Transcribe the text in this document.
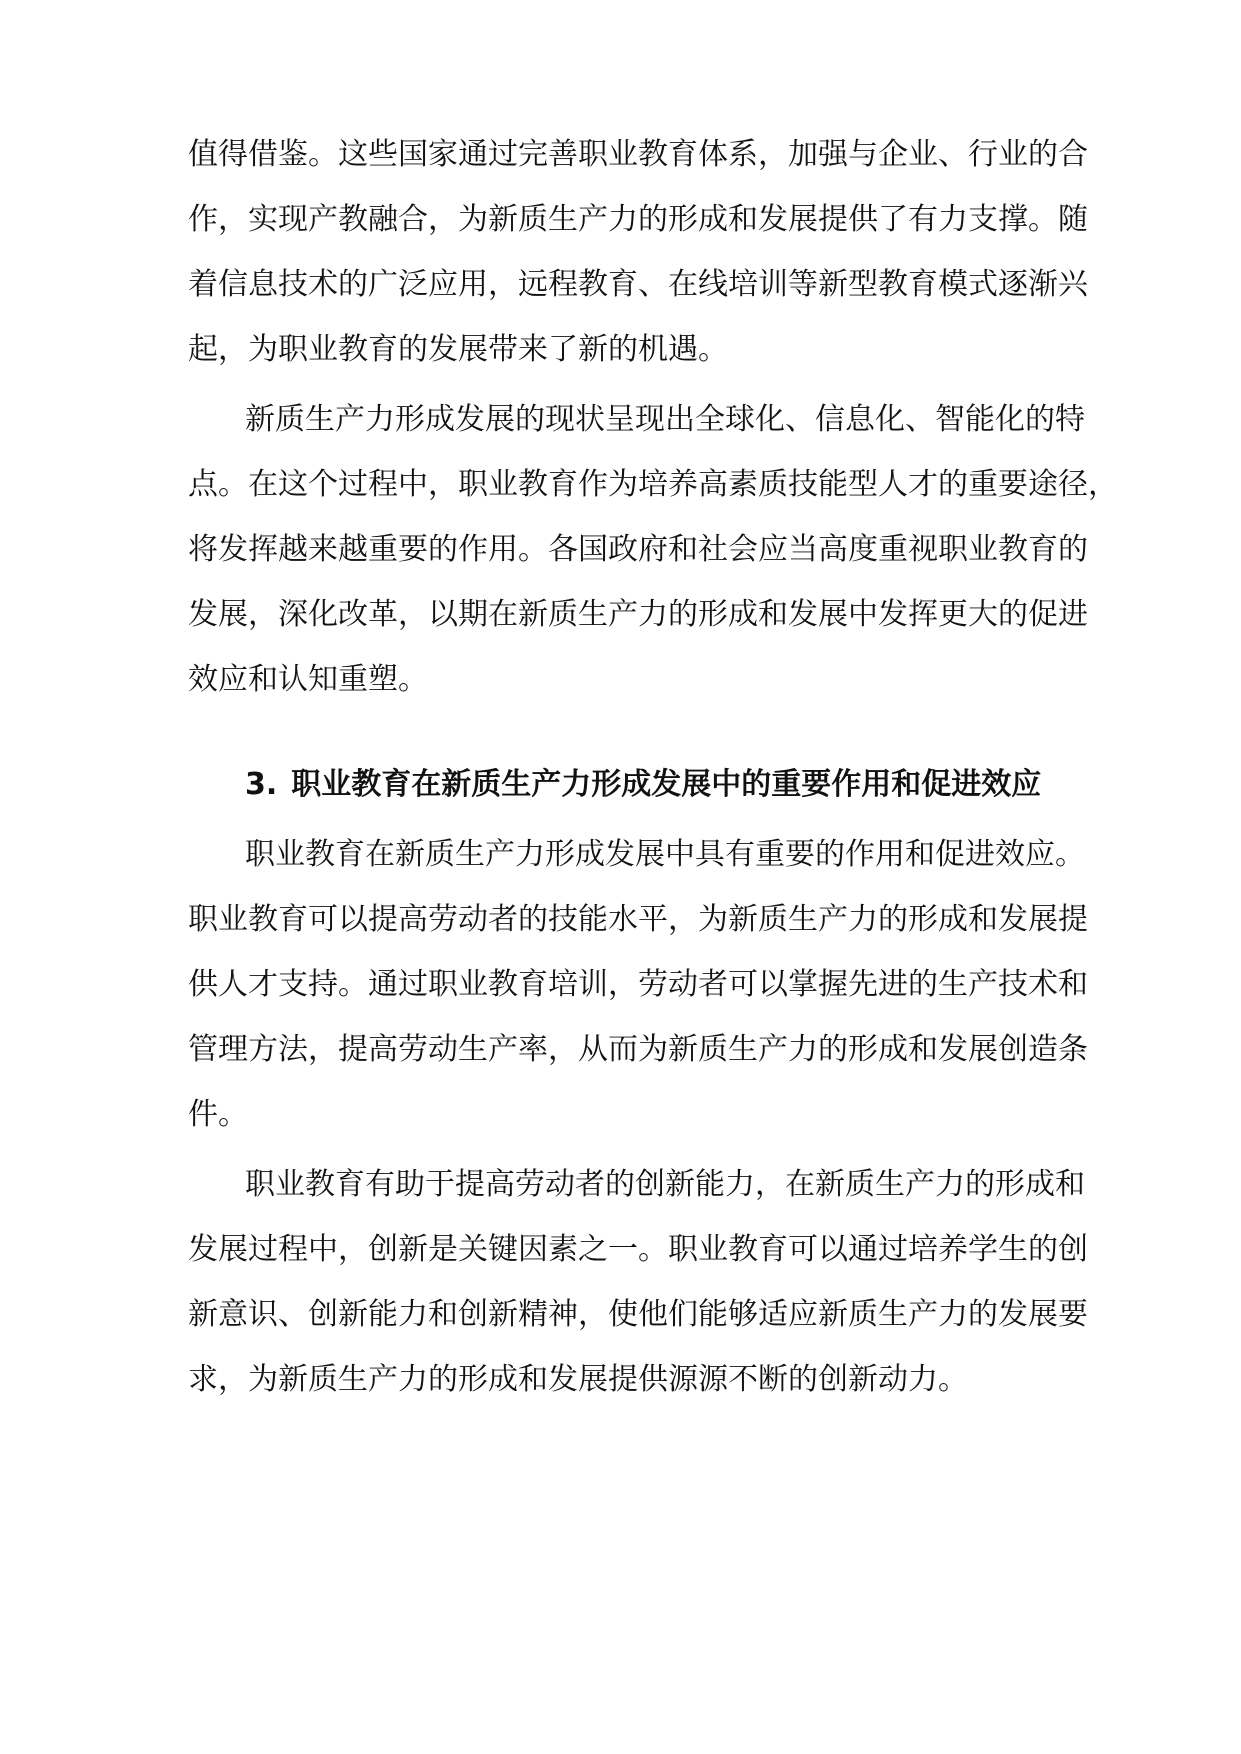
值得借鉴。这些国家通过完善职业教育体系，加强与企业、行业的合
作，实现产教融合，为新质生产力的形成和发展提供了有力支撑。随
着信息技术的广泛应用，远程教育、在线培训等新型教育模式逐渐兴
起，为职业教育的发展带来了新的机遇。
新质生产力形成发展的现状呈现出全球化、信息化、智能化的特
点。在这个过程中，职业教育作为培养高素质技能型人才的重要途径，
将发挥越来越重要的作用。各国政府和社会应当高度重视职业教育的
发展，深化改革，以期在新质生产力的形成和发展中发挥更大的促进
效应和认知重塑。
3. 职业教育在新质生产力形成发展中的重要作用和促进效应
职业教育在新质生产力形成发展中具有重要的作用和促进效应。
职业教育可以提高劳动者的技能水平，为新质生产力的形成和发展提
供人才支持。通过职业教育培训，劳动者可以掌握先进的生产技术和
管理方法，提高劳动生产率，从而为新质生产力的形成和发展创造条
件。
职业教育有助于提高劳动者的创新能力，在新质生产力的形成和
发展过程中，创新是关键因素之一。职业教育可以通过培养学生的创
新意识、创新能力和创新精神，使他们能够适应新质生产力的发展要
求，为新质生产力的形成和发展提供源源不断的创新动力。
